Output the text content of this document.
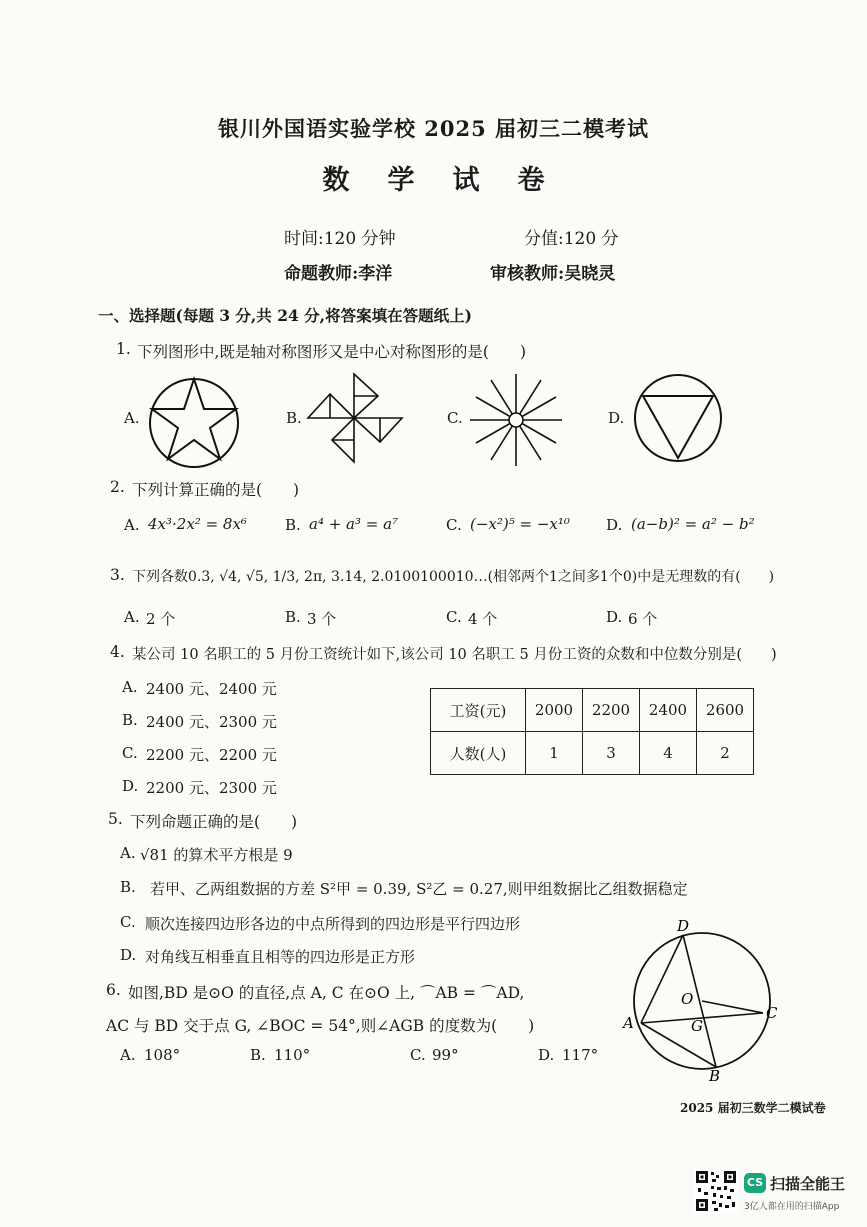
银川外国语实验学校 2025 届初三二模考试
数学试卷
时间:120 分钟	分值:120 分
命题教师:李洋	审核教师:吴晓灵
一、选择题(每题 3 分,共 24 分,将答案填在答题纸上)
1. 下列图形中,既是轴对称图形又是中心对称图形的是(　　)
A.	B.	C.	D.
2. 下列计算正确的是(　　)
A. 4x³·2x² = 8x⁶	B. a⁴ + a³ = a⁷	C. (−x²)⁵ = −x¹⁰ D. (a−b)² = a² − b²
3. 下列各数0.3, √4, √5, 1/3, 2π, 3.14, 2.0100100010…(相邻两个1之间多1个0)中是无理数的有(　　)
A. 2 个	B. 3 个	C. 4 个	D. 6 个
4. 某公司 10 名职工的 5 月份工资统计如下,该公司 10 名职工 5 月份工资的众数和中位数分别是(　　)
A. 2400 元、2400 元
B. 2400 元、2300 元
C. 2200 元、2200 元
D. 2200 元、2300 元
工资(元)	2000	2200	2400	2600
人数(人)	1	3	4	2
5. 下列命题正确的是(　　)
A. √81 的算术平方根是 9
B. 若甲、乙两组数据的方差 S²甲 = 0.39, S²乙 = 0.27,则甲组数据比乙组数据稳定
C. 顺次连接四边形各边的中点所得到的四边形是平行四边形
D. 对角线互相垂直且相等的四边形是正方形
6. 如图,BD 是⊙O 的直径,点 A, C 在⊙O 上, ⌒AB = ⌒AD,
AC 与 BD 交于点 G, ∠BOC = 54°,则∠AGB 的度数为(　　)
A. 108°	B. 110°	C. 99°	D. 117°
D
O
C
A	G
B
2025 届初三数学二模试卷
CS 扫描全能王
3亿人都在用的扫描App
